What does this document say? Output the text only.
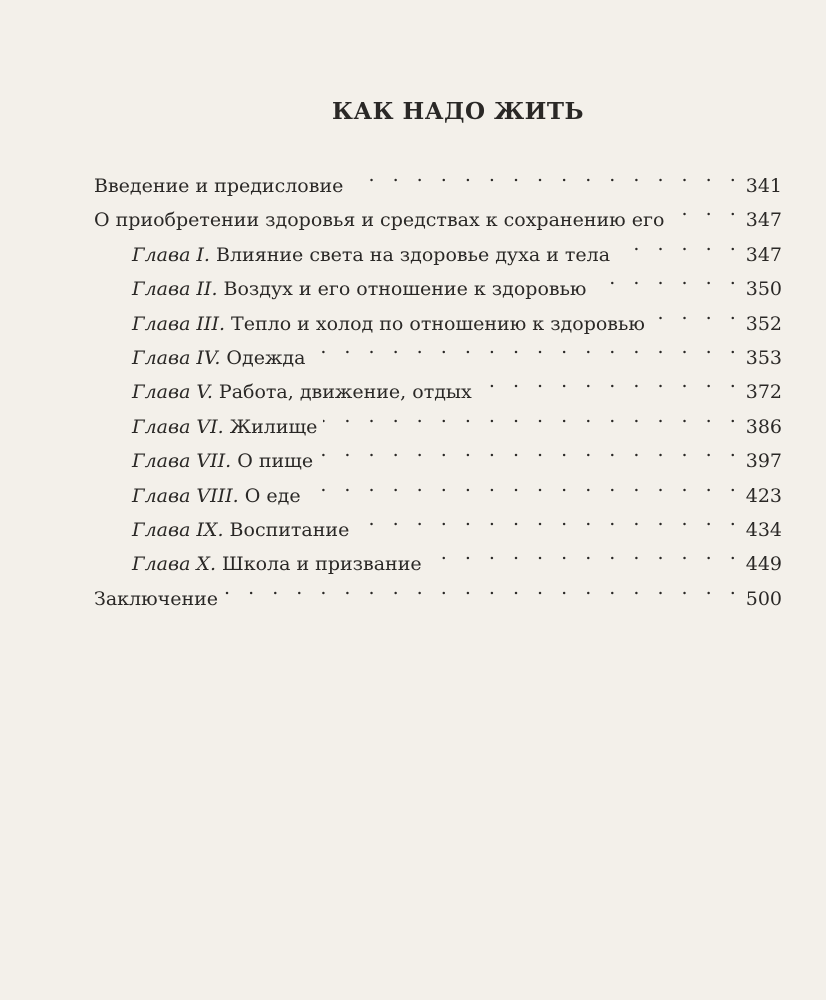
КАК НАДО ЖИТЬ
Введение и предисловие . . .	341
О приобретении здоровья и средствах к сохранению его . . .	347
Глава I. Влияние света на здоровье духа и тела . . .	347
Глава II. Воздух и его отношение к здоровью . . .	350
Глава III. Тепло и холод по отношению к здоровью . . .	352
Глава IV. Одежда . . .	353
Глава V. Работа, движение, отдых . . .	372
Глава VI. Жилище . . .	386
Глава VII. О пище . . .	397
Глава VIII. О еде . . .	423
Глава IX. Воспитание . . .	434
Глава X. Школа и призвание . . .	449
Заключение . . .	500
